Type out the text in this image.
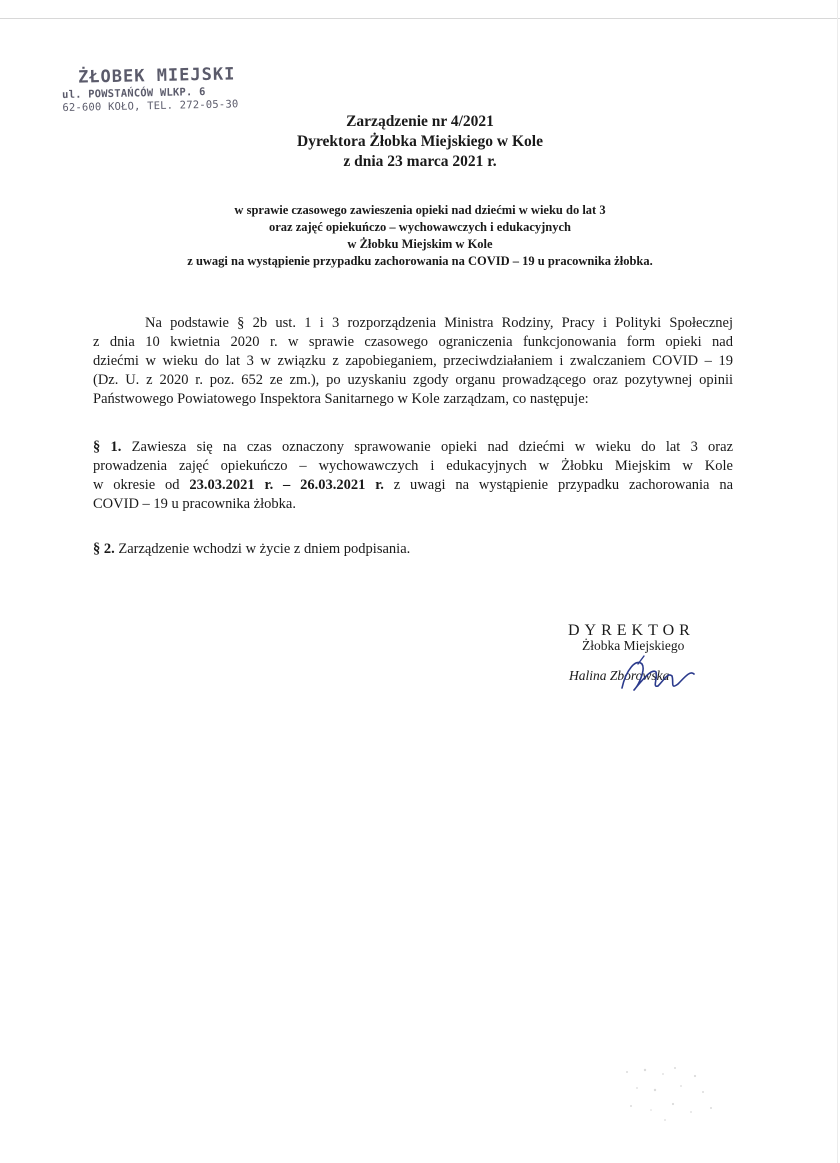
ŻŁOBEK MIEJSKI
ul. POWSTAŃCÓW WLKP. 6
62-600 KOŁO, TEL. 272-05-30
Zarządzenie nr 4/2021
Dyrektora Żłobka Miejskiego w Kole
z dnia 23 marca 2021 r.
w sprawie czasowego zawieszenia opieki nad dziećmi w wieku do lat 3
oraz zajęć opiekuńczo – wychowawczych i edukacyjnych
w Żłobku Miejskim w Kole
z uwagi na wystąpienie przypadku zachorowania na COVID – 19 u pracownika żłobka.
Na podstawie § 2b ust. 1 i 3 rozporządzenia Ministra Rodziny, Pracy i Polityki Społecznej
z dnia 10 kwietnia 2020 r. w sprawie czasowego ograniczenia funkcjonowania form opieki nad
dziećmi w wieku do lat 3 w związku z zapobieganiem, przeciwdziałaniem i zwalczaniem COVID – 19
(Dz. U. z 2020 r. poz. 652 ze zm.), po uzyskaniu zgody organu prowadzącego oraz pozytywnej opinii
Państwowego Powiatowego Inspektora Sanitarnego w Kole zarządzam, co następuje:
§ 1. Zawiesza się na czas oznaczony sprawowanie opieki nad dziećmi w wieku do lat 3 oraz
prowadzenia zajęć opiekuńczo – wychowawczych i edukacyjnych w Żłobku Miejskim w Kole
w okresie od 23.03.2021 r. – 26.03.2021 r. z uwagi na wystąpienie przypadku zachorowania na
COVID – 19 u pracownika żłobka.
§ 2. Zarządzenie wchodzi w życie z dniem podpisania.
DYREKTOR
Żłobka Miejskiego
Halina Zborowska
